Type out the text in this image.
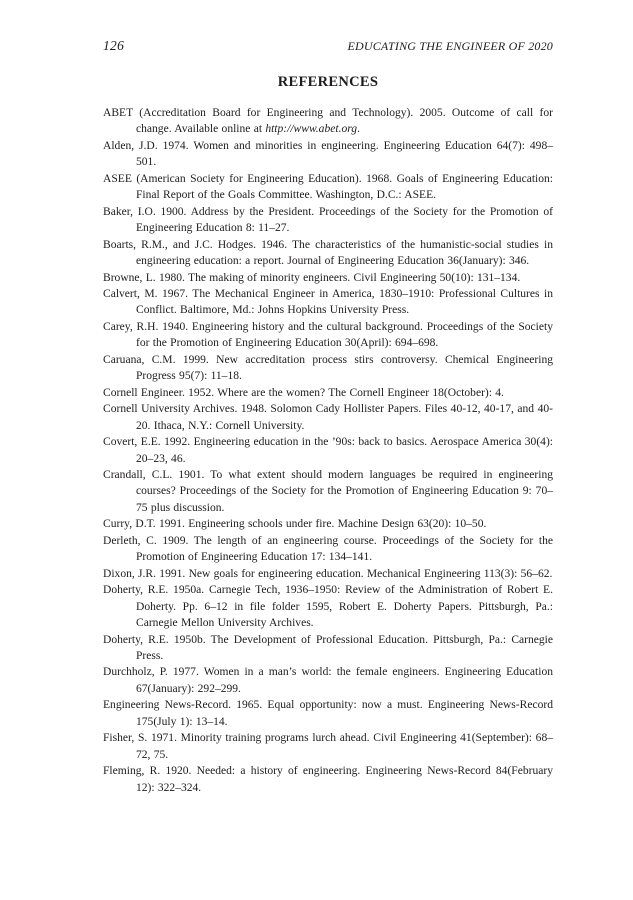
126	EDUCATING THE ENGINEER OF 2020
REFERENCES

ABET (Accreditation Board for Engineering and Technology). 2005. Outcome of call for change. Available online at http://www.abet.org.

Alden, J.D. 1974. Women and minorities in engineering. Engineering Education 64(7): 498–501.

ASEE (American Society for Engineering Education). 1968. Goals of Engineering Education: Final Report of the Goals Committee. Washington, D.C.: ASEE.

Baker, I.O. 1900. Address by the President. Proceedings of the Society for the Promotion of Engineering Education 8: 11–27.

Boarts, R.M., and J.C. Hodges. 1946. The characteristics of the humanistic-social studies in engineering education: a report. Journal of Engineering Education 36(January): 346.

Browne, L. 1980. The making of minority engineers. Civil Engineering 50(10): 131–134.

Calvert, M. 1967. The Mechanical Engineer in America, 1830–1910: Professional Cultures in Conflict. Baltimore, Md.: Johns Hopkins University Press.

Carey, R.H. 1940. Engineering history and the cultural background. Proceedings of the Society for the Promotion of Engineering Education 30(April): 694–698.

Caruana, C.M. 1999. New accreditation process stirs controversy. Chemical Engineering Progress 95(7): 11–18.

Cornell Engineer. 1952. Where are the women? The Cornell Engineer 18(October): 4.

Cornell University Archives. 1948. Solomon Cady Hollister Papers. Files 40-12, 40-17, and 40-20. Ithaca, N.Y.: Cornell University.

Covert, E.E. 1992. Engineering education in the ’90s: back to basics. Aerospace America 30(4): 20–23, 46.

Crandall, C.L. 1901. To what extent should modern languages be required in engineering courses? Proceedings of the Society for the Promotion of Engineering Education 9: 70–75 plus discussion.

Curry, D.T. 1991. Engineering schools under fire. Machine Design 63(20): 10–50.

Derleth, C. 1909. The length of an engineering course. Proceedings of the Society for the Promotion of Engineering Education 17: 134–141.

Dixon, J.R. 1991. New goals for engineering education. Mechanical Engineering 113(3): 56–62.

Doherty, R.E. 1950a. Carnegie Tech, 1936–1950: Review of the Administration of Robert E. Doherty. Pp. 6–12 in file folder 1595, Robert E. Doherty Papers. Pittsburgh, Pa.: Carnegie Mellon University Archives.

Doherty, R.E. 1950b. The Development of Professional Education. Pittsburgh, Pa.: Carnegie Press.

Durchholz, P. 1977. Women in a man’s world: the female engineers. Engineering Education 67(January): 292–299.

Engineering News-Record. 1965. Equal opportunity: now a must. Engineering News-Record 175(July 1): 13–14.

Fisher, S. 1971. Minority training programs lurch ahead. Civil Engineering 41(September): 68–72, 75.

Fleming, R. 1920. Needed: a history of engineering. Engineering News-Record 84(February 12): 322–324.
